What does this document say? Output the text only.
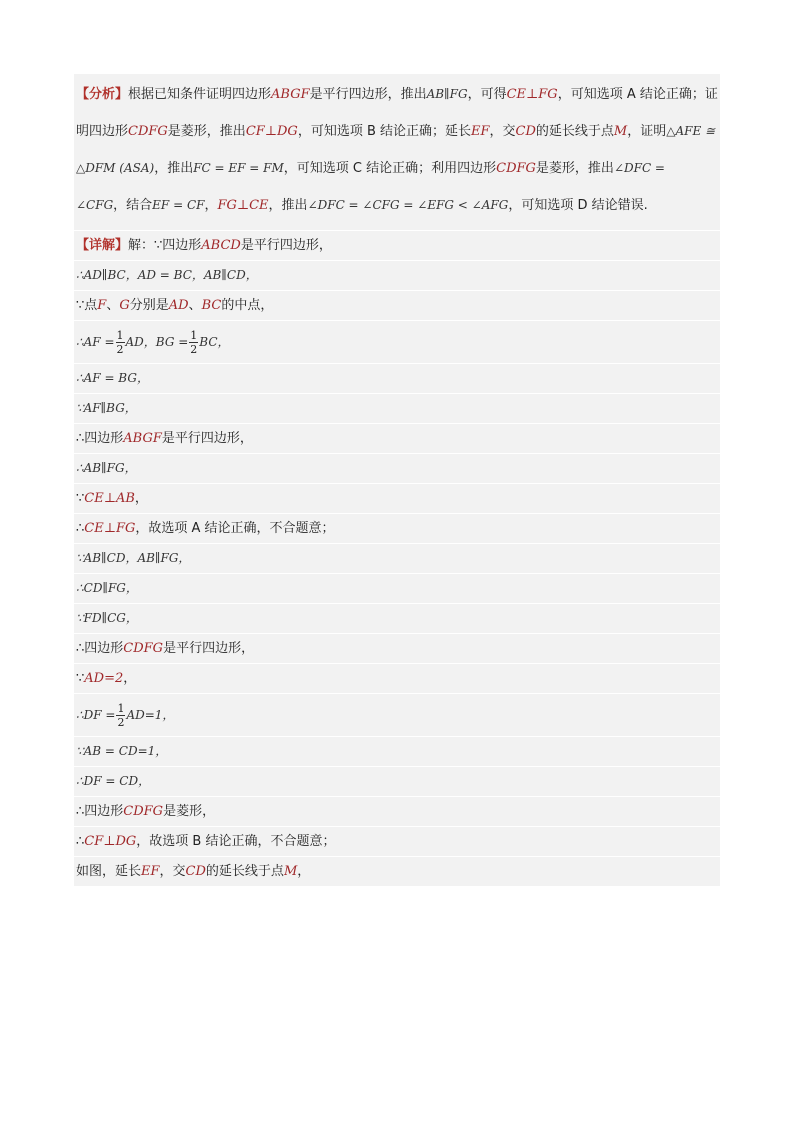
【分析】根据已知条件证明四边形ABGF是平行四边形，推出AB∥FG，可得CE⊥FG，可知选项 A 结论正确；证明四边形CDFG是菱形，推出CF⊥DG，可知选项 B 结论正确；延长EF，交CD的延长线于点M，证明△AFE ≅ △DFM (ASA)，推出FC = EF = FM，可知选项 C 结论正确；利用四边形CDFG是菱形，推出∠DFC = ∠CFG，结合EF = CF，FG⊥CE，推出∠DFC = ∠CFG = ∠EFG < ∠AFG，可知选项 D 结论错误.
【详解】解：∵四边形ABCD是平行四边形，
∴AD∥BC，AD = BC，AB∥CD，
∵点F、G分别是AD、BC的中点，
∴AF = $\frac{1}{2}$ AD，BG = $\frac{1}{2}$ BC，
∴AF = BG，
∵AF∥BG，
∴四边形ABGF是平行四边形，
∴AB∥FG，
∵CE⊥AB，
∴CE⊥FG，故选项 A 结论正确，不合题意；
∵AB∥CD，AB∥FG，
∴CD∥FG，
∵FD∥CG，
∴四边形CDFG是平行四边形，
∵AD=2，
∴DF = $\frac{1}{2} AD=1$，
∵AB = CD=1，
∴DF = CD，
∴四边形CDFG是菱形，
∴CF⊥DG，故选项 B 结论正确，不合题意；
如图，延长EF，交CD的延长线于点M，
